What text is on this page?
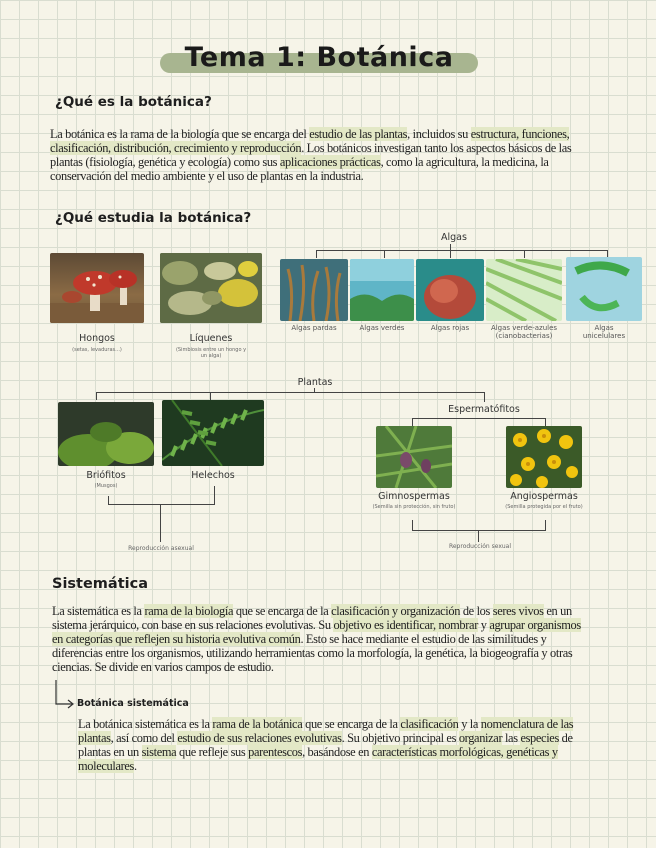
Tema 1: Botánica
¿Qué es la botánica?
La botánica es la rama de la biología que se encarga del estudio de las plantas, incluidos su estructura, funciones, clasificación, distribución, crecimiento y reproducción. Los botánicos investigan tanto los aspectos básicos de las plantas (fisiología, genética y ecología) como sus aplicaciones prácticas, como la agricultura, la medicina, la conservación del medio ambiente y el uso de plantas en la industria.
¿Qué estudia la botánica?
Algas
Hongos
(setas, levaduras...)
Líquenes
(Simbiosis entre un hongo y un alga)
Algas pardas	Algas verdes	Algas rojas	Algas verde-azules (cianobacterias)
Algas unicelulares
Plantas
Espermatófitos
Briófitos
(Musgos)
Helechos
Gimnospermas
(Semilla sin protección, sin fruto)
Angiospermas
(Semilla protegida por el fruto)
Reproducción asexual	Reproducción sexual
Sistemática
La sistemática es la rama de la biología que se encarga de la clasificación y organización de los seres vivos en un sistema jerárquico, con base en sus relaciones evolutivas. Su objetivo es identificar, nombrar y agrupar organismos en categorías que reflejen su historia evolutiva común. Esto se hace mediante el estudio de las similitudes y diferencias entre los organismos, utilizando herramientas como la morfología, la genética, la biogeografía y otras ciencias. Se divide en varios campos de estudio.
Botánica sistemática
La botánica sistemática es la rama de la botánica que se encarga de la clasificación y la nomenclatura de las plantas, así como del estudio de sus relaciones evolutivas. Su objetivo principal es organizar las especies de plantas en un sistema que refleje sus parentescos, basándose en características morfológicas, genéticas y moleculares.
